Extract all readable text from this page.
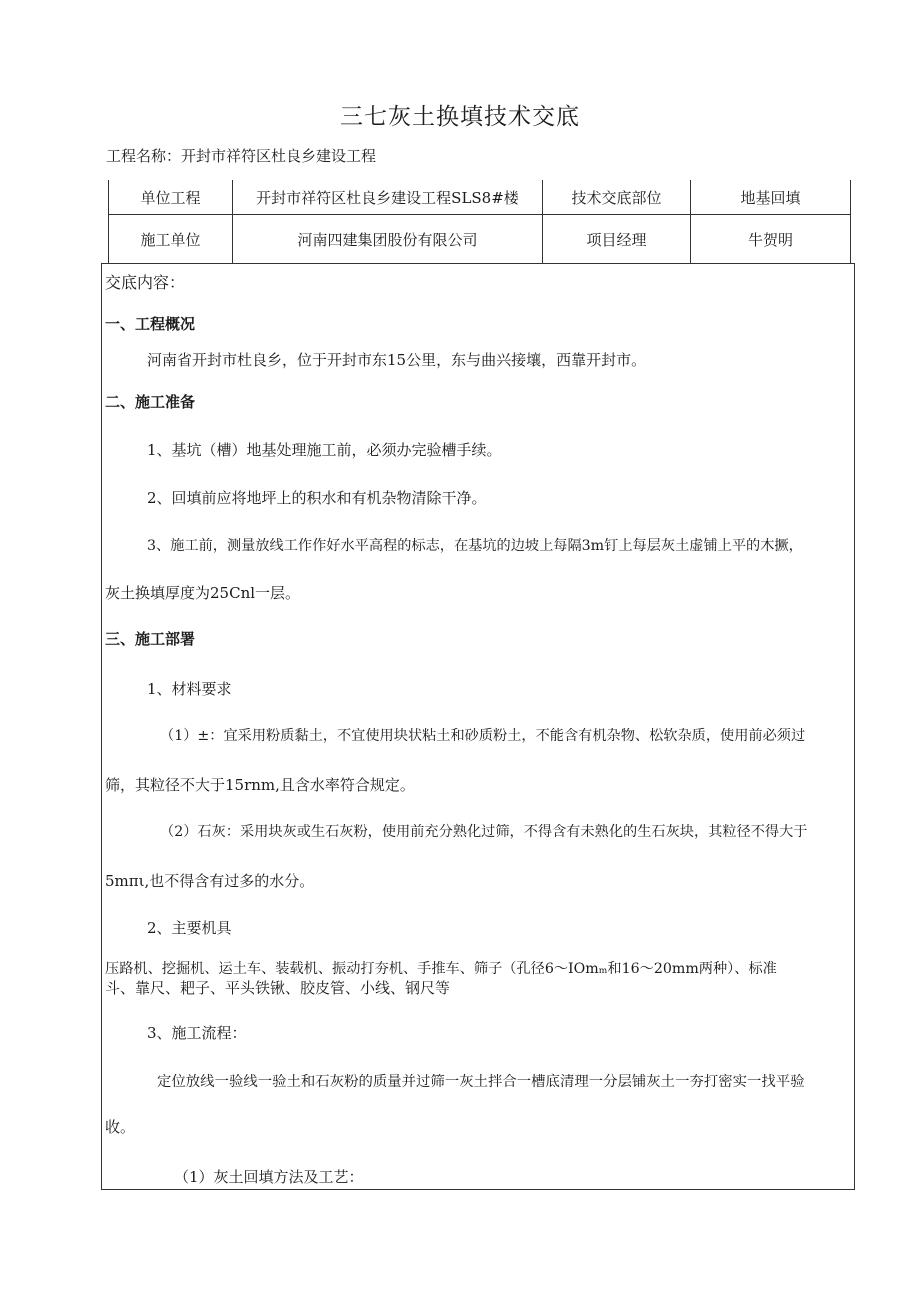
三七灰土换填技术交底
工程名称：开封市祥符区杜良乡建设工程
单位工程	开封市祥符区杜良乡建设工程SLS8#楼	技术交底部位	地基回填
施工单位	河南四建集团股份有限公司	项目经理	牛贺明
交底内容：
一、工程概况
河南省开封市杜良乡，位于开封市东15公里，东与曲兴接壤，西靠开封市。
二、施工准备
1、基坑（槽）地基处理施工前，必须办完验槽手续。
2、回填前应将地坪上的积水和有机杂物清除干净。
3、施工前，测量放线工作作好水平高程的标志，在基坑的边坡上每隔3m钉上每层灰土虚铺上平的木撅，
灰土换填厚度为25Cnl一层。
三、施工部署
1、材料要求
（1）±：宜采用粉质黏土，不宜使用块状粘土和砂质粉土，不能含有机杂物、松软杂质，使用前必须过
筛，其粒径不大于15rnm,且含水率符合规定。
（2）石灰：采用块灰或生石灰粉，使用前充分熟化过筛，不得含有未熟化的生石灰块，其粒径不得大于
5mπι,也不得含有过多的水分。
2、主要机具
压路机、挖掘机、运土车、装载机、振动打夯机、手推车、筛子（孔径6～IOmₘ和16～20mm两种）、标准
斗、靠尺、耙子、平头铁锹、胶皮管、小线、钢尺等
3、施工流程：
定位放线一验线一验土和石灰粉的质量并过筛一灰土拌合一槽底清理一分层铺灰土一夯打密实一找平验
收。
（1）灰土回填方法及工艺：
